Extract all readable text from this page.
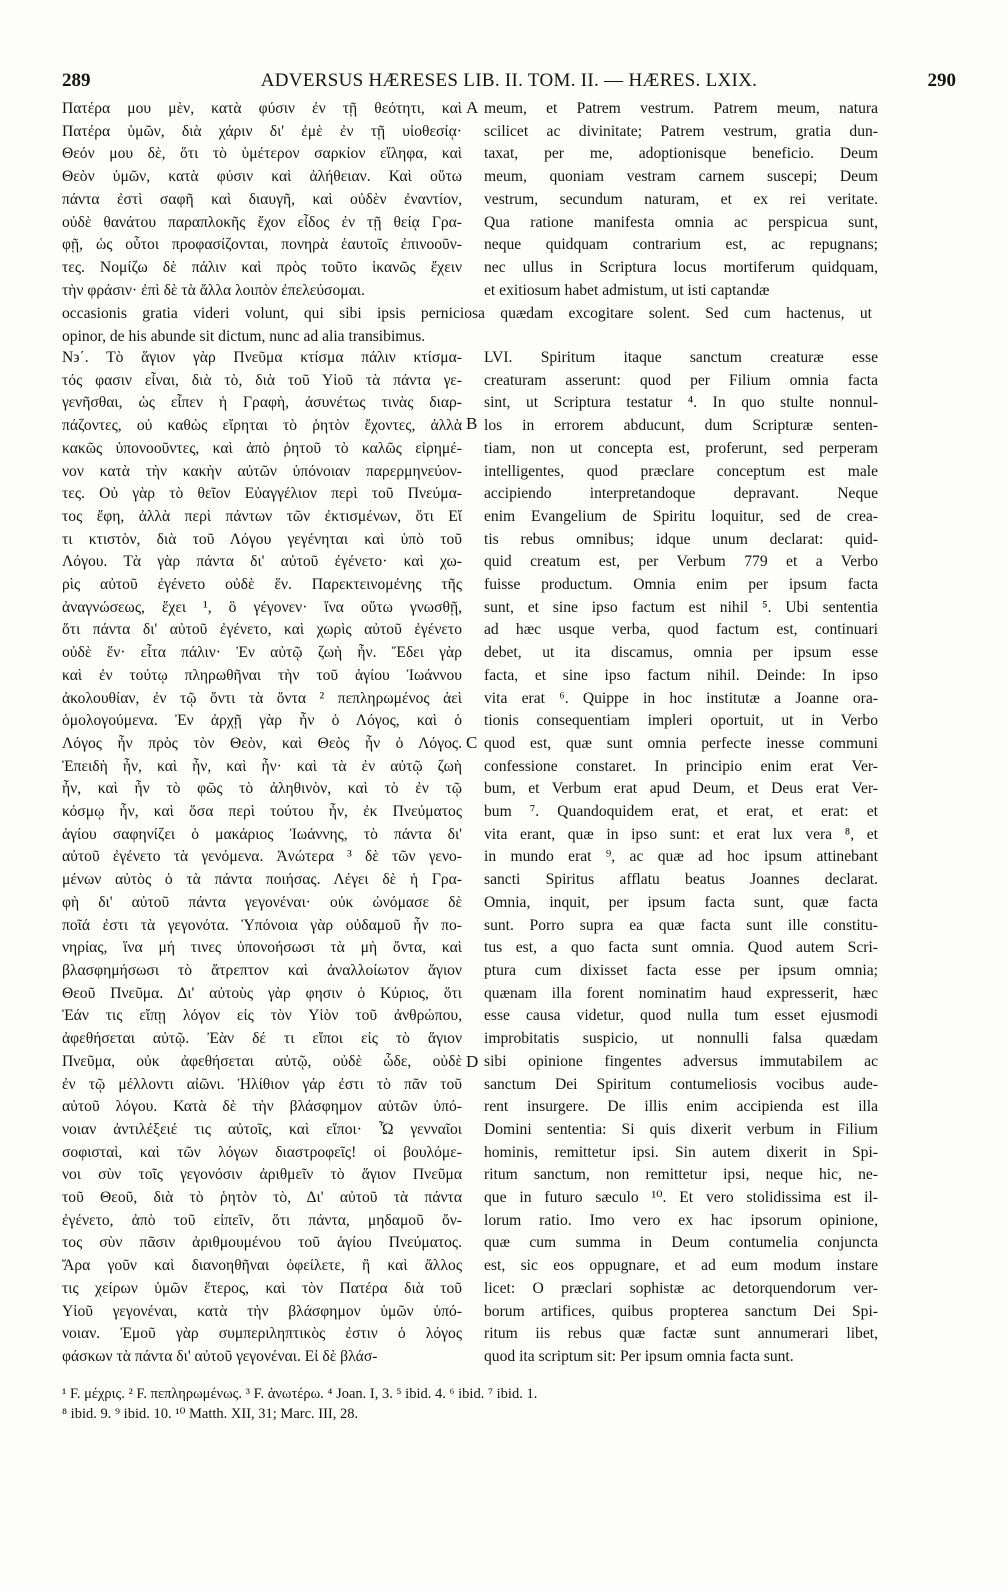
289	ADVERSUS HÆRESES LIB. II. TOM. II. — HÆRES. LXIX.	290

Πατέρα μου μὲν, κατὰ φύσιν ἐν τῇ θεότητι, καὶ

Πατέρα ὑμῶν, διὰ χάριν δι' ἐμὲ ἐν τῇ υἱοθεσίᾳ·

Θεόν μου δὲ, ὅτι τὸ ὑμέτερον σαρκίον εἴληφα, καὶ

Θεὸν ὑμῶν, κατὰ φύσιν καὶ ἀλήθειαν. Καὶ οὕτω

πάντα ἐστὶ σαφῆ καὶ διαυγῆ, καὶ οὐδὲν ἐναντίον,

οὐδὲ θανάτου παραπλοκῆς ἔχον εἶδος ἐν τῇ θείᾳ Γρα-

φῇ, ὡς οὗτοι προφασίζονται, πονηρὰ ἑαυτοῖς ἐπινοοῦν-

τες. Νομίζω δὲ πάλιν καὶ πρὸς τοῦτο ἱκανῶς ἔχειν

τὴν φράσιν· ἐπὶ δὲ τὰ ἄλλα λοιπὸν ἐπελεύσομαι.

meum, et Patrem vestrum. Patrem meum, natura

scilicet ac divinitate; Patrem vestrum, gratia dun-

taxat, per me, adoptionisque beneficio. Deum

meum, quoniam vestram carnem suscepi; Deum

vestrum, secundum naturam, et ex rei veritate.

Qua ratione manifesta omnia ac perspicua sunt,

neque quidquam contrarium est, ac repugnans;

nec ullus in Scriptura locus mortiferum quidquam,

et exitiosum habet admistum, ut isti captandæ

occasionis gratia videri volunt, qui sibi ipsis perniciosa quædam excogitare solent. Sed cum hactenus, ut

opinor, de his abunde sit dictum, nunc ad alia transibimus.

Ν϶΄. Τὸ ἅγιον γὰρ Πνεῦμα κτίσμα πάλιν κτίσμα-

τός φασιν εἶναι, διὰ τὸ, διὰ τοῦ Υἱοῦ τὰ πάντα γε-

γενῆσθαι, ὡς εἶπεν ἡ Γραφὴ, ἀσυνέτως τινὰς διαρ-

πάζοντες, οὐ καθὼς εἴρηται τὸ ῥητὸν ἔχοντες, ἀλλὰ

κακῶς ὑπονοοῦντες, καὶ ἀπὸ ῥητοῦ τὸ καλῶς εἰρημέ-

νον κατὰ τὴν κακὴν αὐτῶν ὑπόνοιαν παρερμηνεύον-

τες. Οὐ γὰρ τὸ θεῖον Εὐαγγέλιον περὶ τοῦ Πνεύμα-

τος ἔφη, ἀλλὰ περὶ πάντων τῶν ἐκτισμένων, ὅτι Εἴ

τι κτιστὸν, διὰ τοῦ Λόγου γεγένηται καὶ ὑπὸ τοῦ

Λόγου. Τὰ γὰρ πάντα δι' αὐτοῦ ἐγένετο· καὶ χω-

ρὶς αὐτοῦ ἐγένετο οὐδὲ ἕν. Παρεκτεινομένης τῆς

ἀναγνώσεως, ἔχει ¹, ὃ γέγονεν· ἵνα οὕτω γνωσθῇ,

ὅτι πάντα δι' αὐτοῦ ἐγένετο, καὶ χωρὶς αὐτοῦ ἐγένετο

οὐδὲ ἕν· εἶτα πάλιν· Ἐν αὐτῷ ζωὴ ἦν. Ἔδει γὰρ

καὶ ἐν τούτῳ πληρωθῆναι τὴν τοῦ ἁγίου Ἰωάννου

ἀκολουθίαν, ἐν τῷ ὄντι τὰ ὄντα ² πεπληρωμένος ἀεὶ

ὁμολογούμενα. Ἐν ἀρχῇ γὰρ ἦν ὁ Λόγος, καὶ ὁ

Λόγος ἦν πρὸς τὸν Θεὸν, καὶ Θεὸς ἦν ὁ Λόγος.

Ἐπειδὴ ἦν, καὶ ἦν, καὶ ἦν· καὶ τὰ ἐν αὐτῷ ζωὴ

ἦν, καὶ ἦν τὸ φῶς τὸ ἀληθινὸν, καὶ τὸ ἐν τῷ

κόσμῳ ἦν, καὶ ὅσα περὶ τούτου ἦν, ἐκ Πνεύματος

ἁγίου σαφηνίζει ὁ μακάριος Ἰωάννης, τὸ πάντα δι'

αὐτοῦ ἐγένετο τὰ γενόμενα. Ἀνώτερα ³ δὲ τῶν γενο-

μένων αὐτὸς ὁ τὰ πάντα ποιήσας. Λέγει δὲ ἡ Γρα-

φὴ δι' αὐτοῦ πάντα γεγονέναι· οὐκ ὠνόμασε δὲ

ποῖά ἐστι τὰ γεγονότα. Ὑπόνοια γὰρ οὐδαμοῦ ἦν πο-

νηρίας, ἵνα μή τινες ὑπονοήσωσι τὰ μὴ ὄντα, καὶ

βλασφημήσωσι τὸ ἄτρεπτον καὶ ἀναλλοίωτον ἅγιον

Θεοῦ Πνεῦμα. Δι' αὐτοὺς γὰρ φησιν ὁ Κύριος, ὅτι

Ἐάν τις εἴπῃ λόγον εἰς τὸν Υἱὸν τοῦ ἀνθρώπου,

ἀφεθήσεται αὐτῷ. Ἐὰν δέ τι εἴποι εἰς τὸ ἅγιον

Πνεῦμα, οὐκ ἀφεθήσεται αὐτῷ, οὐδὲ ὧδε, οὐδὲ

ἐν τῷ μέλλοντι αἰῶνι. Ἠλίθιον γάρ ἐστι τὸ πᾶν τοῦ

αὐτοῦ λόγου. Κατὰ δὲ τὴν βλάσφημον αὐτῶν ὑπό-

νοιαν ἀντιλέξειέ τις αὐτοῖς, καὶ εἴποι· Ὦ γενναῖοι

σοφισταὶ, καὶ τῶν λόγων διαστροφεῖς! οἱ βουλόμε-

νοι σὺν τοῖς γεγονόσιν ἀριθμεῖν τὸ ἅγιον Πνεῦμα

τοῦ Θεοῦ, διὰ τὸ ῥητὸν τὸ, Δι' αὐτοῦ τὰ πάντα

ἐγένετο, ἀπὸ τοῦ εἰπεῖν, ὅτι πάντα, μηδαμοῦ ὄν-

τος σὺν πᾶσιν ἀριθμουμένου τοῦ ἁγίου Πνεύματος.

Ἄρα γοῦν καὶ διανοηθῆναι ὀφείλετε, ἢ καὶ ἄλλος

τις χείρων ὑμῶν ἕτερος, καὶ τὸν Πατέρα διὰ τοῦ

Υἱοῦ γεγονέναι, κατὰ τὴν βλάσφημον ὑμῶν ὑπό-

νοιαν. Ἐμοῦ γὰρ συμπεριληπτικὸς ἐστιν ὁ λόγος

φάσκων τὰ πάντα δι' αὐτοῦ γεγονέναι. Εἰ δὲ βλάσ-

LVI. Spiritum itaque sanctum creaturæ esse

creaturam asserunt: quod per Filium omnia facta

sint, ut Scriptura testatur ⁴. In quo stulte nonnul-

los in errorem abducunt, dum Scripturæ senten-

tiam, non ut concepta est, proferunt, sed perperam

intelligentes, quod præclare conceptum est male

accipiendo interpretandoque depravant. Neque

enim Evangelium de Spiritu loquitur, sed de crea-

tis rebus omnibus; idque unum declarat: quid-

quid creatum est, per Verbum 779 et a Verbo

fuisse productum. Omnia enim per ipsum facta

sunt, et sine ipso factum est nihil ⁵. Ubi sententia

ad hæc usque verba, quod factum est, continuari

debet, ut ita discamus, omnia per ipsum esse

facta, et sine ipso factum nihil. Deinde: In ipso

vita erat ⁶. Quippe in hoc institutæ a Joanne ora-

tionis consequentiam impleri oportuit, ut in Verbo

quod est, quæ sunt omnia perfecte inesse communi

confessione constaret. In principio enim erat Ver-

bum, et Verbum erat apud Deum, et Deus erat Ver-

bum ⁷. Quandoquidem erat, et erat, et erat: et

vita erant, quæ in ipso sunt: et erat lux vera ⁸, et

in mundo erat ⁹, ac quæ ad hoc ipsum attinebant

sancti Spiritus afflatu beatus Joannes declarat.

Omnia, inquit, per ipsum facta sunt, quæ facta

sunt. Porro supra ea quæ facta sunt ille constitu-

tus est, a quo facta sunt omnia. Quod autem Scri-

ptura cum dixisset facta esse per ipsum omnia;

quænam illa forent nominatim haud expresserit, hæc

esse causa videtur, quod nulla tum esset ejusmodi

improbitatis suspicio, ut nonnulli falsa quædam

sibi opinione fingentes adversus immutabilem ac

sanctum Dei Spiritum contumeliosis vocibus aude-

rent insurgere. De illis enim accipienda est illa

Domini sententia: Si quis dixerit verbum in Filium

hominis, remittetur ipsi. Sin autem dixerit in Spi-

ritum sanctum, non remittetur ipsi, neque hic, ne-

que in futuro sæculo ¹⁰. Et vero stolidissima est il-

lorum ratio. Imo vero ex hac ipsorum opinione,

quæ cum summa in Deum contumelia conjuncta

est, sic eos oppugnare, et ad eum modum instare

licet: O præclari sophistæ ac detorquendorum ver-

borum artifices, quibus propterea sanctum Dei Spi-

ritum iis rebus quæ factæ sunt annumerari libet,

quod ita scriptum sit: Per ipsum omnia facta sunt.

A
B
C
D

¹ F. μέχρις. ² F. πεπληρωμένως. ³ F. ἀνωτέρω. ⁴ Joan. I, 3. ⁵ ibid. 4. ⁶ ibid. ⁷ ibid. 1.

⁸ ibid. 9. ⁹ ibid. 10. ¹⁰ Matth. XII, 31; Marc. III, 28.
